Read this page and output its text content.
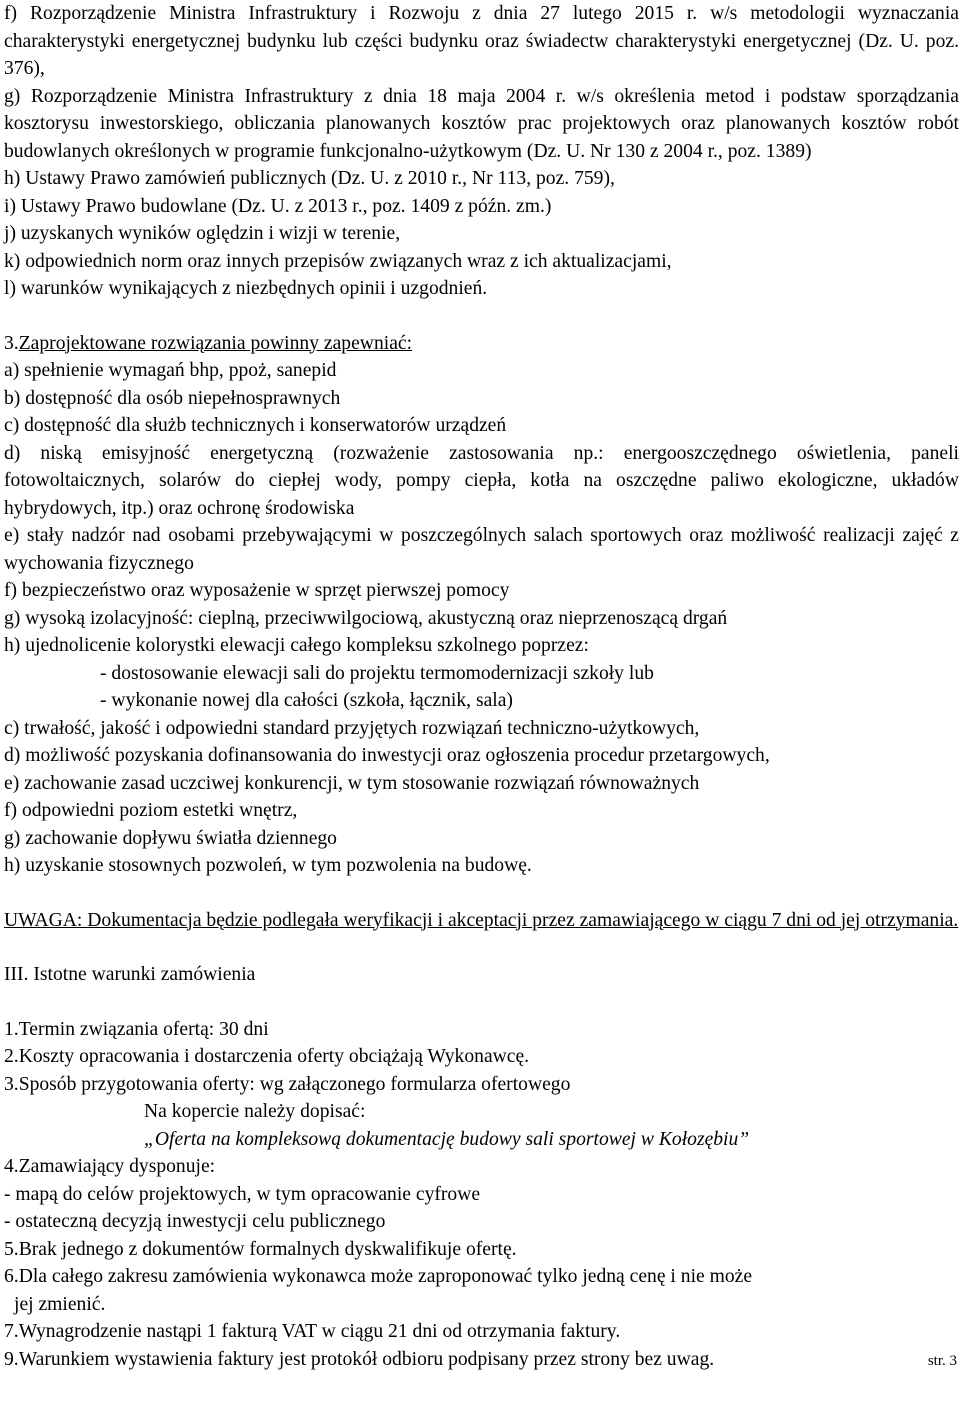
f) Rozporządzenie Ministra Infrastruktury i Rozwoju z dnia 27 lutego 2015 r. w/s metodologii wyznaczania charakterystyki energetycznej budynku lub części budynku oraz świadectw charakterystyki energetycznej (Dz. U. poz. 376),
g) Rozporządzenie Ministra Infrastruktury z dnia 18 maja 2004 r. w/s określenia metod i podstaw sporządzania kosztorysu inwestorskiego, obliczania planowanych kosztów prac projektowych oraz planowanych kosztów robót budowlanych określonych w programie funkcjonalno-użytkowym (Dz. U. Nr 130 z 2004 r., poz. 1389)
h) Ustawy Prawo zamówień publicznych (Dz. U. z 2010 r., Nr 113, poz. 759),
i) Ustawy Prawo budowlane (Dz. U. z 2013 r., poz. 1409 z późn. zm.)
j) uzyskanych wyników oględzin i wizji w terenie,
k) odpowiednich norm oraz innych przepisów związanych wraz z ich aktualizacjami,
l) warunków wynikających z niezbędnych opinii i uzgodnień.
3.Zaprojektowane rozwiązania powinny zapewniać:
a) spełnienie wymagań bhp, ppoż, sanepid
b) dostępność dla osób niepełnosprawnych
c) dostępność dla służb technicznych i konserwatorów urządzeń
d) niską emisyjność energetyczną (rozważenie zastosowania np.: energooszczędnego oświetlenia, paneli fotowoltaicznych, solarów do ciepłej wody, pompy ciepła, kotła na oszczędne paliwo ekologiczne, układów hybrydowych, itp.) oraz ochronę środowiska
e) stały nadzór nad osobami przebywającymi w poszczególnych salach sportowych oraz możliwość realizacji zajęć z wychowania fizycznego
f) bezpieczeństwo oraz wyposażenie w sprzęt pierwszej pomocy
g) wysoką izolacyjność: cieplną, przeciwwilgociową, akustyczną oraz nieprzenoszącą drgań
h) ujednolicenie kolorystki elewacji całego kompleksu szkolnego poprzez:
- dostosowanie elewacji sali do projektu termomodernizacji szkoły lub
- wykonanie nowej dla całości (szkoła, łącznik, sala)
c) trwałość, jakość i odpowiedni standard przyjętych rozwiązań techniczno-użytkowych,
d) możliwość pozyskania dofinansowania do inwestycji oraz ogłoszenia procedur przetargowych,
e) zachowanie zasad uczciwej konkurencji, w tym stosowanie rozwiązań równoważnych
f) odpowiedni poziom estetki wnętrz,
g) zachowanie dopływu światła dziennego
h) uzyskanie stosownych pozwoleń, w tym pozwolenia na budowę.
UWAGA: Dokumentacja będzie podlegała weryfikacji i akceptacji przez zamawiającego w ciągu 7 dni od jej otrzymania.
III. Istotne warunki zamówienia
1.Termin związania ofertą: 30 dni
2.Koszty opracowania i dostarczenia oferty obciążają Wykonawcę.
3.Sposób przygotowania oferty: wg załączonego formularza ofertowego
Na kopercie należy dopisać:
„Oferta na kompleksową dokumentację budowy sali sportowej w Kołozębiu”
4.Zamawiający dysponuje:
- mapą do celów projektowych, w tym opracowanie cyfrowe
- ostateczną decyzją inwestycji celu publicznego
5.Brak jednego z dokumentów formalnych dyskwalifikuje ofertę.
6.Dla całego zakresu zamówienia wykonawca może zaproponować tylko jedną cenę i nie może
jej zmienić.
7.Wynagrodzenie nastąpi 1 fakturą VAT w ciągu 21 dni od otrzymania faktury.
9.Warunkiem wystawienia faktury jest protokół odbioru podpisany przez strony bez uwag.	str. 3
